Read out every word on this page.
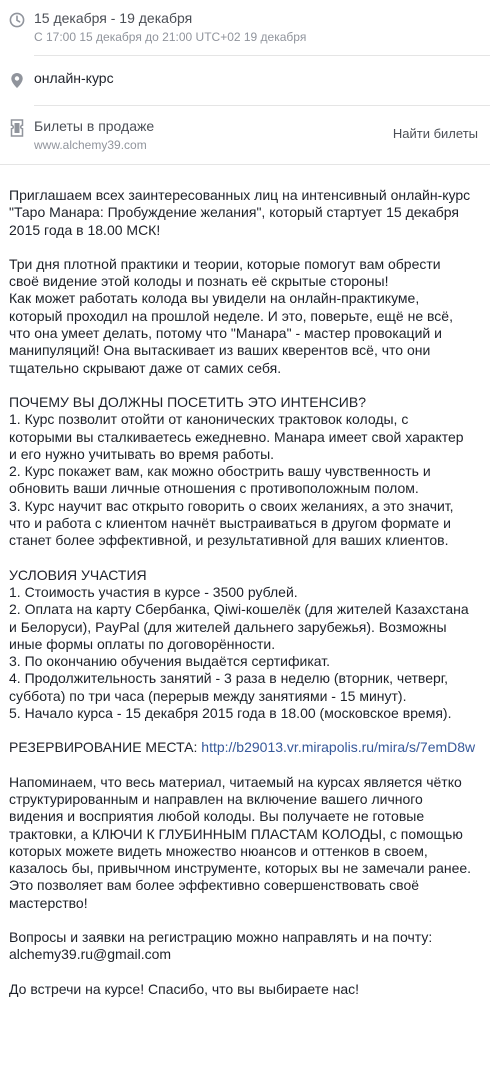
15 декабря - 19 декабря
С 17:00 15 декабря до 21:00 UTC+02 19 декабря
онлайн-курс
Билеты в продаже
www.alchemy39.com
Найти билеты

Приглашаем всех заинтересованных лиц на интенсивный онлайн-курс
"Таро Манара: Пробуждение желания", который стартует 15 декабря
2015 года в 18.00 МСК!

Три дня плотной практики и теории, которые помогут вам обрести
своё видение этой колоды и познать её скрытые стороны!
Как может работать колода вы увидели на онлайн-практикуме,
который проходил на прошлой неделе. И это, поверьте, ещё не всё,
что она умеет делать, потому что "Манара" - мастер провокаций и
манипуляций! Она вытаскивает из ваших кверентов всё, что они
тщательно скрывают даже от самих себя.

ПОЧЕМУ ВЫ ДОЛЖНЫ ПОСЕТИТЬ ЭТО ИНТЕНСИВ?
1. Курс позволит отойти от канонических трактовок колоды, с
которыми вы сталкиваетесь ежедневно. Манара имеет свой характер
и его нужно учитывать во время работы.
2. Курс покажет вам, как можно обострить вашу чувственность и
обновить ваши личные отношения с противоположным полом.
3. Курс научит вас открыто говорить о своих желаниях, а это значит,
что и работа с клиентом начнёт выстраиваться в другом формате и
станет более эффективной, и результативной для ваших клиентов.

УСЛОВИЯ УЧАСТИЯ
1. Стоимость участия в курсе - 3500 рублей.
2. Оплата на карту Сбербанка, Qiwi-кошелёк (для жителей Казахстана
и Белоруси), PayPal (для жителей дальнего зарубежья). Возможны
иные формы оплаты по договорённости.
3. По окончанию обучения выдаётся сертификат.
4. Продолжительность занятий - 3 раза в неделю (вторник, четверг,
суббота) по три часа (перерыв между занятиями - 15 минут).
5. Начало курса - 15 декабря 2015 года в 18.00 (московское время).

РЕЗЕРВИРОВАНИЕ МЕСТА: http://b29013.vr.mirapolis.ru/mira/s/7emD8w

Напоминаем, что весь материал, читаемый на курсах является чётко
структурированным и направлен на включение вашего личного
видения и восприятия любой колоды. Вы получаете не готовые
трактовки, а КЛЮЧИ К ГЛУБИННЫМ ПЛАСТАМ КОЛОДЫ, с помощью
которых можете видеть множество нюансов и оттенков в своем,
казалось бы, привычном инструменте, которых вы не замечали ранее.
Это позволяет вам более эффективно совершенствовать своё
мастерство!

Вопросы и заявки на регистрацию можно направлять и на почту:
alchemy39.ru@gmail.com

До встречи на курсе! Спасибо, что вы выбираете нас!
